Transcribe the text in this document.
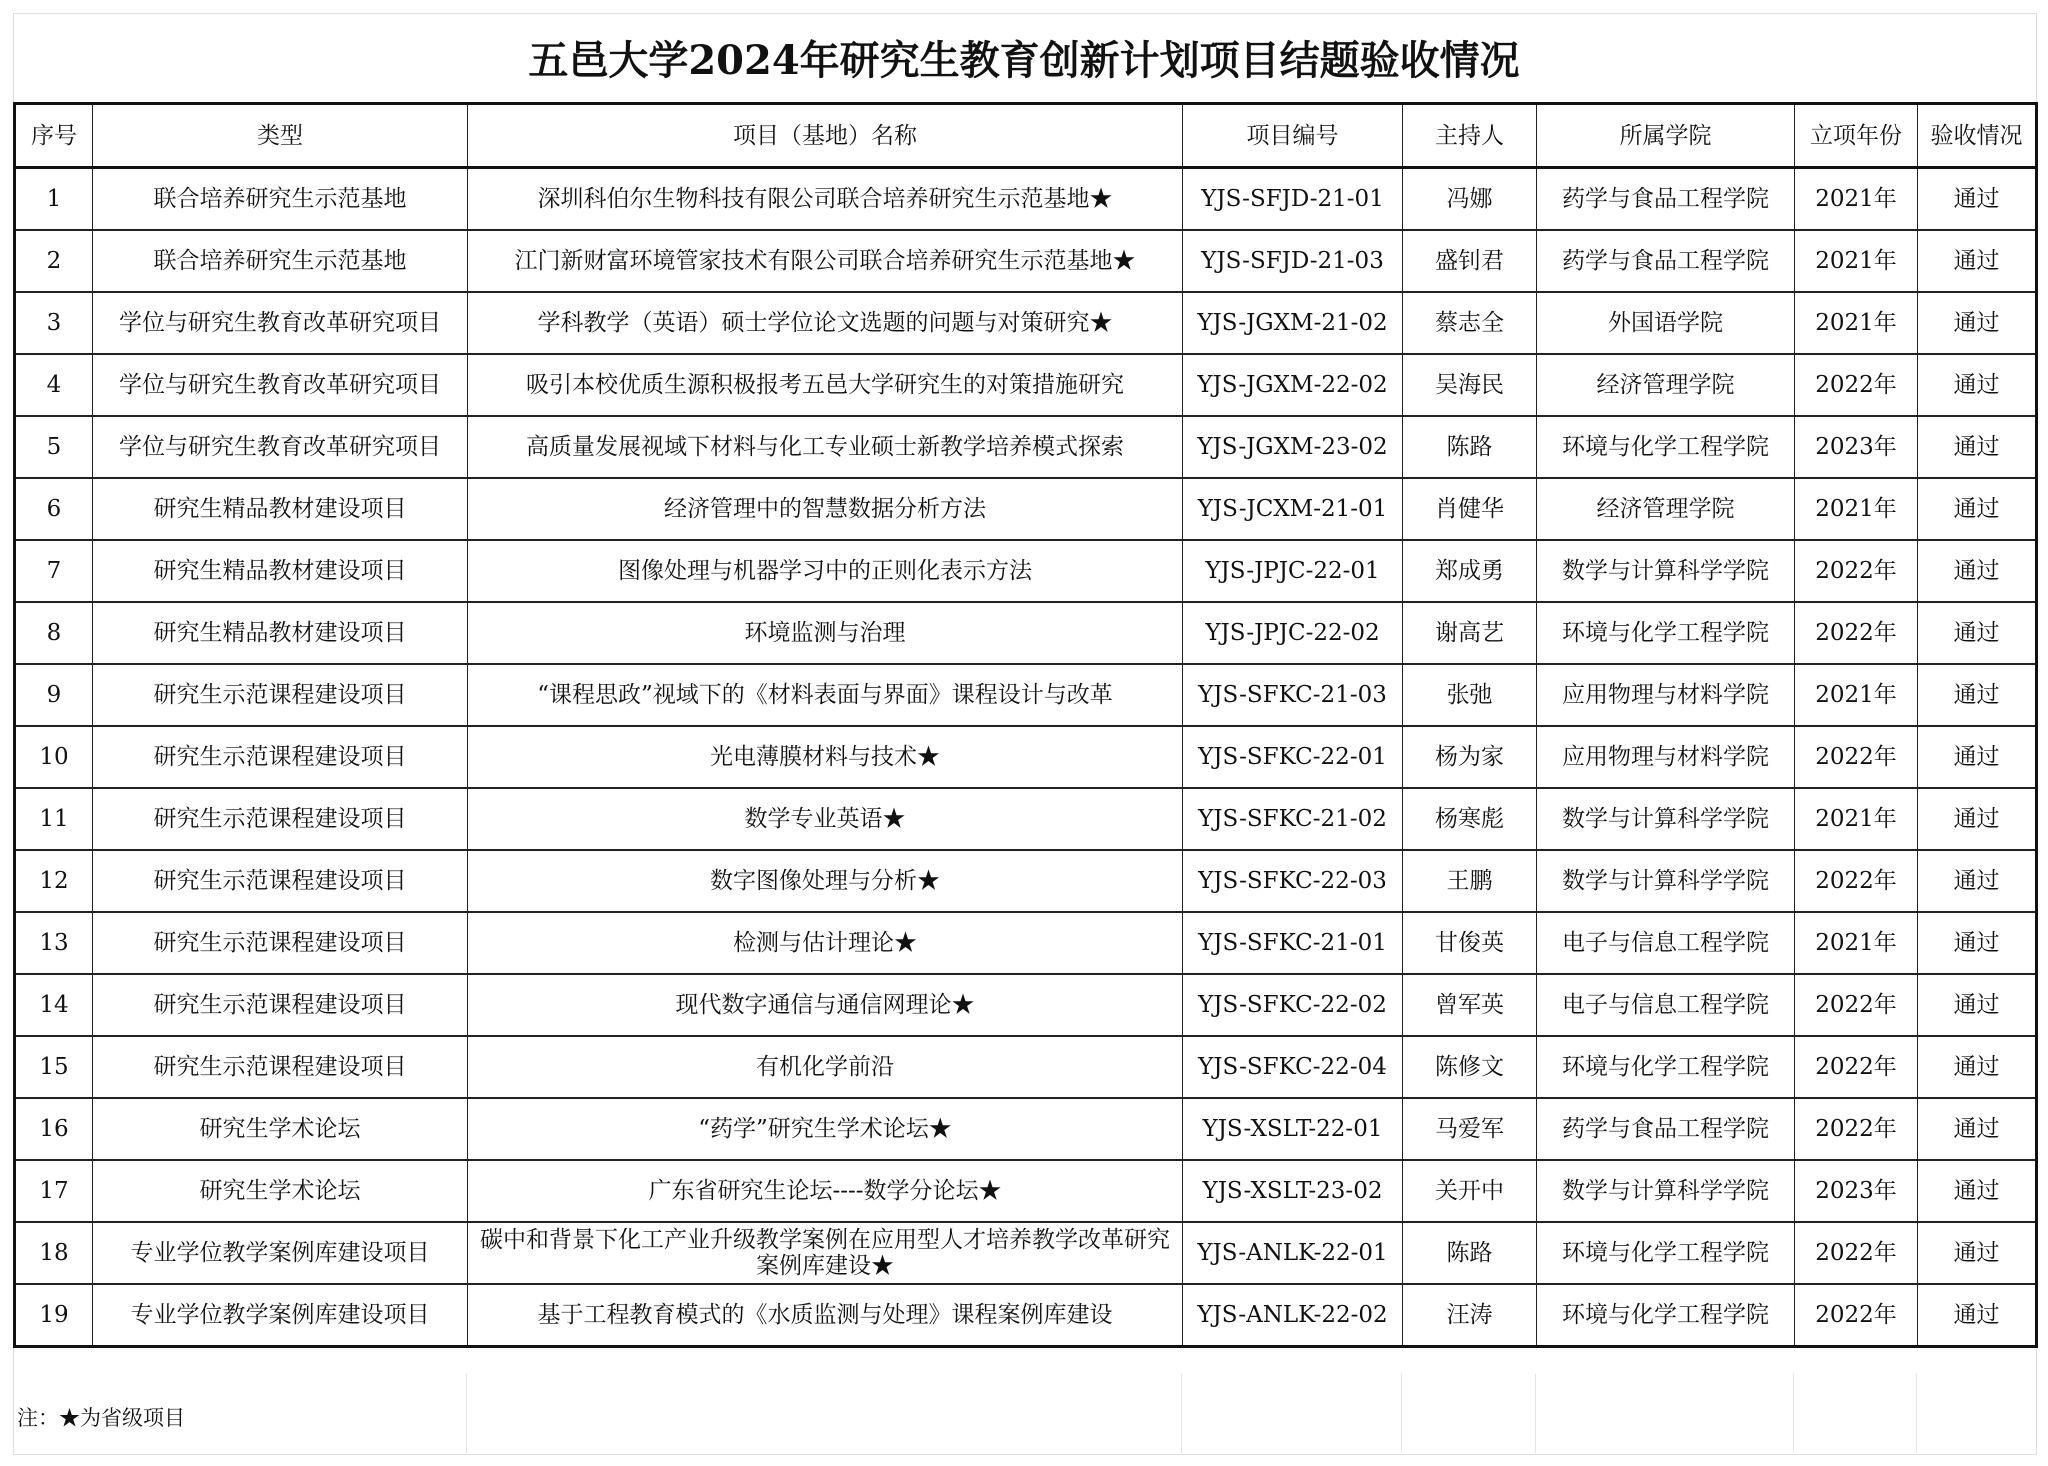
五邑大学2024年研究生教育创新计划项目结题验收情况
序号	类型	项目（基地）名称	项目编号	主持人	所属学院	立项年份	验收情况
1	联合培养研究生示范基地	深圳科伯尔生物科技有限公司联合培养研究生示范基地★	YJS-SFJD-21-01	冯娜	药学与食品工程学院	2021年	通过
2	联合培养研究生示范基地	江门新财富环境管家技术有限公司联合培养研究生示范基地★	YJS-SFJD-21-03	盛钊君	药学与食品工程学院	2021年	通过
3	学位与研究生教育改革研究项目	学科教学（英语）硕士学位论文选题的问题与对策研究★	YJS-JGXM-21-02	蔡志全	外国语学院	2021年	通过
4	学位与研究生教育改革研究项目	吸引本校优质生源积极报考五邑大学研究生的对策措施研究	YJS-JGXM-22-02	吴海民	经济管理学院	2022年	通过
5	学位与研究生教育改革研究项目	高质量发展视域下材料与化工专业硕士新教学培养模式探索	YJS-JGXM-23-02	陈路	环境与化学工程学院	2023年	通过
6	研究生精品教材建设项目	经济管理中的智慧数据分析方法	YJS-JCXM-21-01	肖健华	经济管理学院	2021年	通过
7	研究生精品教材建设项目	图像处理与机器学习中的正则化表示方法	YJS-JPJC-22-01	郑成勇	数学与计算科学学院	2022年	通过
8	研究生精品教材建设项目	环境监测与治理	YJS-JPJC-22-02	谢高艺	环境与化学工程学院	2022年	通过
9	研究生示范课程建设项目	“课程思政”视域下的《材料表面与界面》课程设计与改革	YJS-SFKC-21-03	张弛	应用物理与材料学院	2021年	通过
10	研究生示范课程建设项目	光电薄膜材料与技术★	YJS-SFKC-22-01	杨为家	应用物理与材料学院	2022年	通过
11	研究生示范课程建设项目	数学专业英语★	YJS-SFKC-21-02	杨寒彪	数学与计算科学学院	2021年	通过
12	研究生示范课程建设项目	数字图像处理与分析★	YJS-SFKC-22-03	王鹏	数学与计算科学学院	2022年	通过
13	研究生示范课程建设项目	检测与估计理论★	YJS-SFKC-21-01	甘俊英	电子与信息工程学院	2021年	通过
14	研究生示范课程建设项目	现代数字通信与通信网理论★	YJS-SFKC-22-02	曾军英	电子与信息工程学院	2022年	通过
15	研究生示范课程建设项目	有机化学前沿	YJS-SFKC-22-04	陈修文	环境与化学工程学院	2022年	通过
16	研究生学术论坛	“药学”研究生学术论坛★	YJS-XSLT-22-01	马爱军	药学与食品工程学院	2022年	通过
17	研究生学术论坛	广东省研究生论坛----数学分论坛★	YJS-XSLT-23-02	关开中	数学与计算科学学院	2023年	通过
18	专业学位教学案例库建设项目	碳中和背景下化工产业升级教学案例在应用型人才培养教学改革研究案例库建设★	YJS-ANLK-22-01	陈路	环境与化学工程学院	2022年	通过
19	专业学位教学案例库建设项目	基于工程教育模式的《水质监测与处理》课程案例库建设	YJS-ANLK-22-02	汪涛	环境与化学工程学院	2022年	通过
注：★为省级项目
